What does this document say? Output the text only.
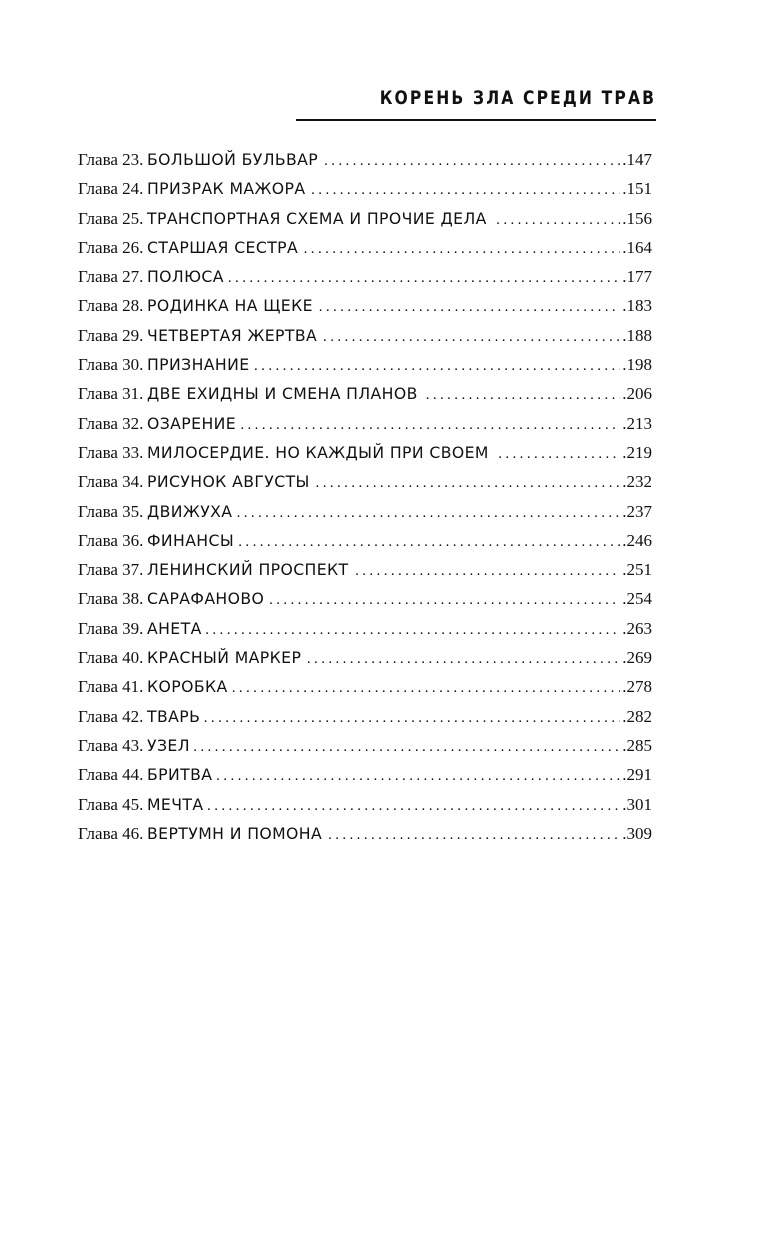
КОРЕНЬ ЗЛА СРЕДИ ТРАВ
Глава 23. БОЛЬШОЙ БУЛЬВАР .....	.147
Глава 24. ПРИЗРАК МАЖОРА .....	.151
Глава 25. ТРАНСПОРТНАЯ СХЕМА И ПРОЧИЕ ДЕЛА .....	.156
Глава 26. СТАРШАЯ СЕСТРА .....	.164
Глава 27. ПОЛЮСА .....	.177
Глава 28. РОДИНКА НА ЩЕКЕ .....	.183
Глава 29. ЧЕТВЕРТАЯ ЖЕРТВА .....	.188
Глава 30. ПРИЗНАНИЕ .....	.198
Глава 31. ДВЕ ЕХИДНЫ И СМЕНА ПЛАНОВ .....	.206
Глава 32. ОЗАРЕНИЕ .....	.213
Глава 33. МИЛОСЕРДИЕ. НО КАЖДЫЙ ПРИ СВОЕМ .....	.219
Глава 34. РИСУНОК АВГУСТЫ .....	.232
Глава 35. ДВИЖУХА .....	.237
Глава 36. ФИНАНСЫ .....	.246
Глава 37. ЛЕНИНСКИЙ ПРОСПЕКТ .....	.251
Глава 38. САРАФАНОВО .....	.254
Глава 39. АНЕТА .....	.263
Глава 40. КРАСНЫЙ МАРКЕР .....	.269
Глава 41. КОРОБКА .....	.278
Глава 42. ТВАРЬ .....	.282
Глава 43. УЗЕЛ .....	.285
Глава 44. БРИТВА .....	.291
Глава 45. МЕЧТА .....	.301
Глава 46. ВЕРТУМН И ПОМОНА .....	.309
